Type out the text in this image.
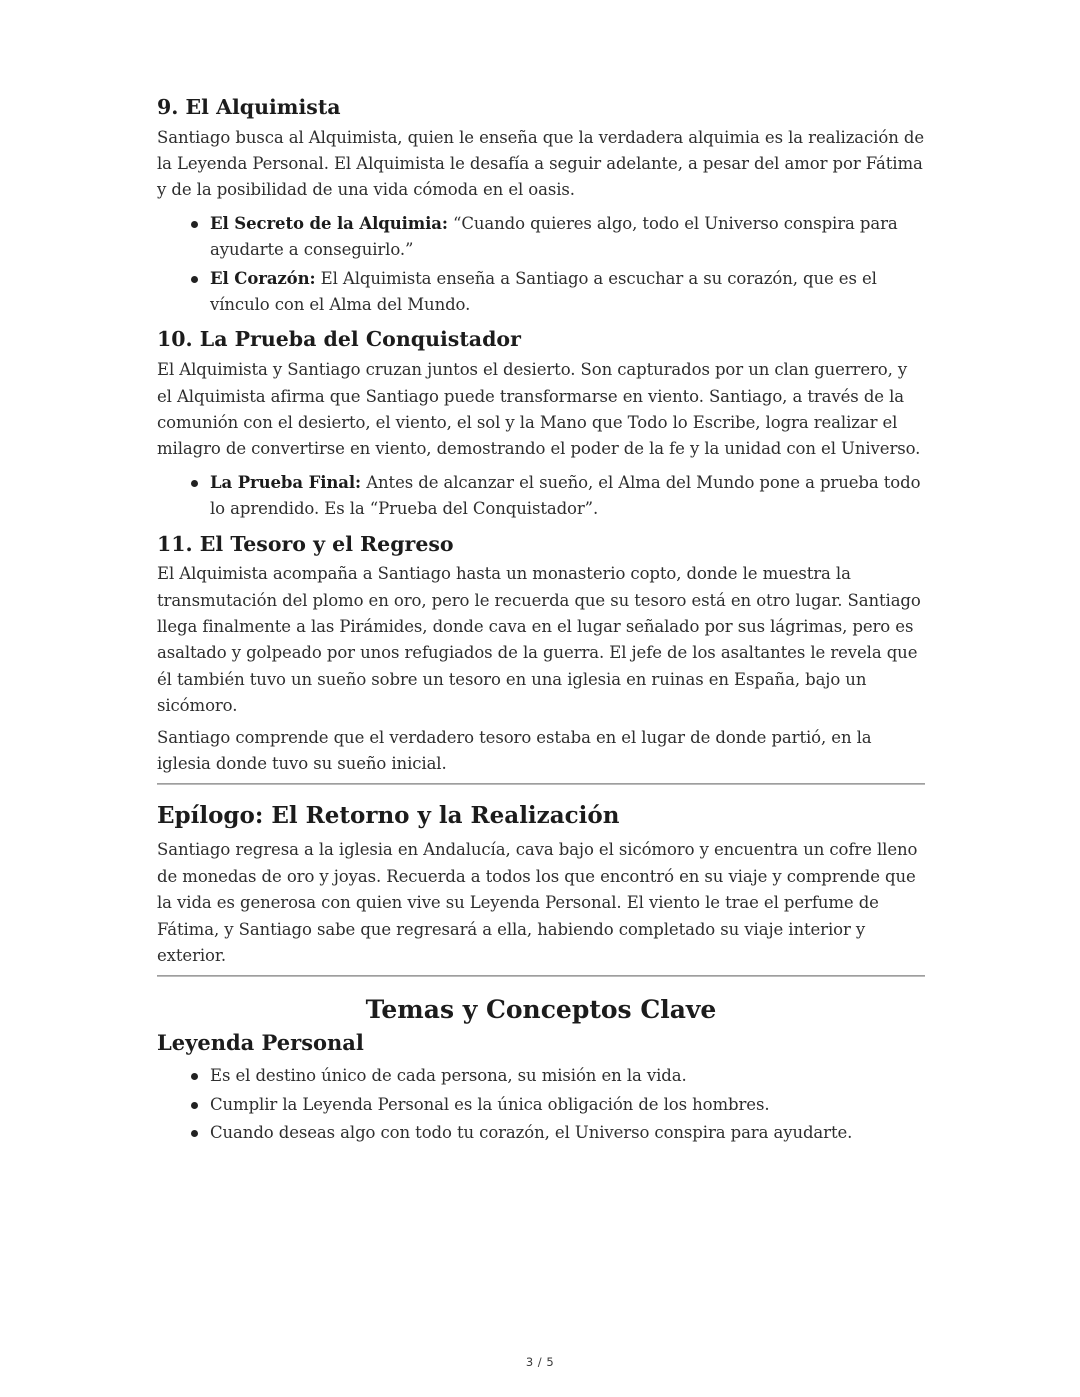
9. El Alquimista

Santiago busca al Alquimista, quien le enseña que la verdadera alquimia es la realización de la Leyenda Personal. El Alquimista le desafía a seguir adelante, a pesar del amor por Fátima y de la posibilidad de una vida cómoda en el oasis.

El Secreto de la Alquimia: “Cuando quieres algo, todo el Universo conspira para ayudarte a conseguirlo.”
El Corazón: El Alquimista enseña a Santiago a escuchar a su corazón, que es el vínculo con el Alma del Mundo.
10. La Prueba del Conquistador

El Alquimista y Santiago cruzan juntos el desierto. Son capturados por un clan guerrero, y el Alquimista afirma que Santiago puede transformarse en viento. Santiago, a través de la comunión con el desierto, el viento, el sol y la Mano que Todo lo Escribe, logra realizar el milagro de convertirse en viento, demostrando el poder de la fe y la unidad con el Universo.

La Prueba Final: Antes de alcanzar el sueño, el Alma del Mundo pone a prueba todo lo aprendido. Es la “Prueba del Conquistador”.
11. El Tesoro y el Regreso

El Alquimista acompaña a Santiago hasta un monasterio copto, donde le muestra la transmutación del plomo en oro, pero le recuerda que su tesoro está en otro lugar. Santiago llega finalmente a las Pirámides, donde cava en el lugar señalado por sus lágrimas, pero es asaltado y golpeado por unos refugiados de la guerra. El jefe de los asaltantes le revela que él también tuvo un sueño sobre un tesoro en una iglesia en ruinas en España, bajo un sicómoro.

Santiago comprende que el verdadero tesoro estaba en el lugar de donde partió, en la iglesia donde tuvo su sueño inicial.

Epílogo: El Retorno y la Realización

Santiago regresa a la iglesia en Andalucía, cava bajo el sicómoro y encuentra un cofre lleno de monedas de oro y joyas. Recuerda a todos los que encontró en su viaje y comprende que la vida es generosa con quien vive su Leyenda Personal. El viento le trae el perfume de Fátima, y Santiago sabe que regresará a ella, habiendo completado su viaje interior y exterior.

Temas y Conceptos Clave
Leyenda Personal
Es el destino único de cada persona, su misión en la vida.
Cumplir la Leyenda Personal es la única obligación de los hombres.
Cuando deseas algo con todo tu corazón, el Universo conspira para ayudarte.
3 / 5
